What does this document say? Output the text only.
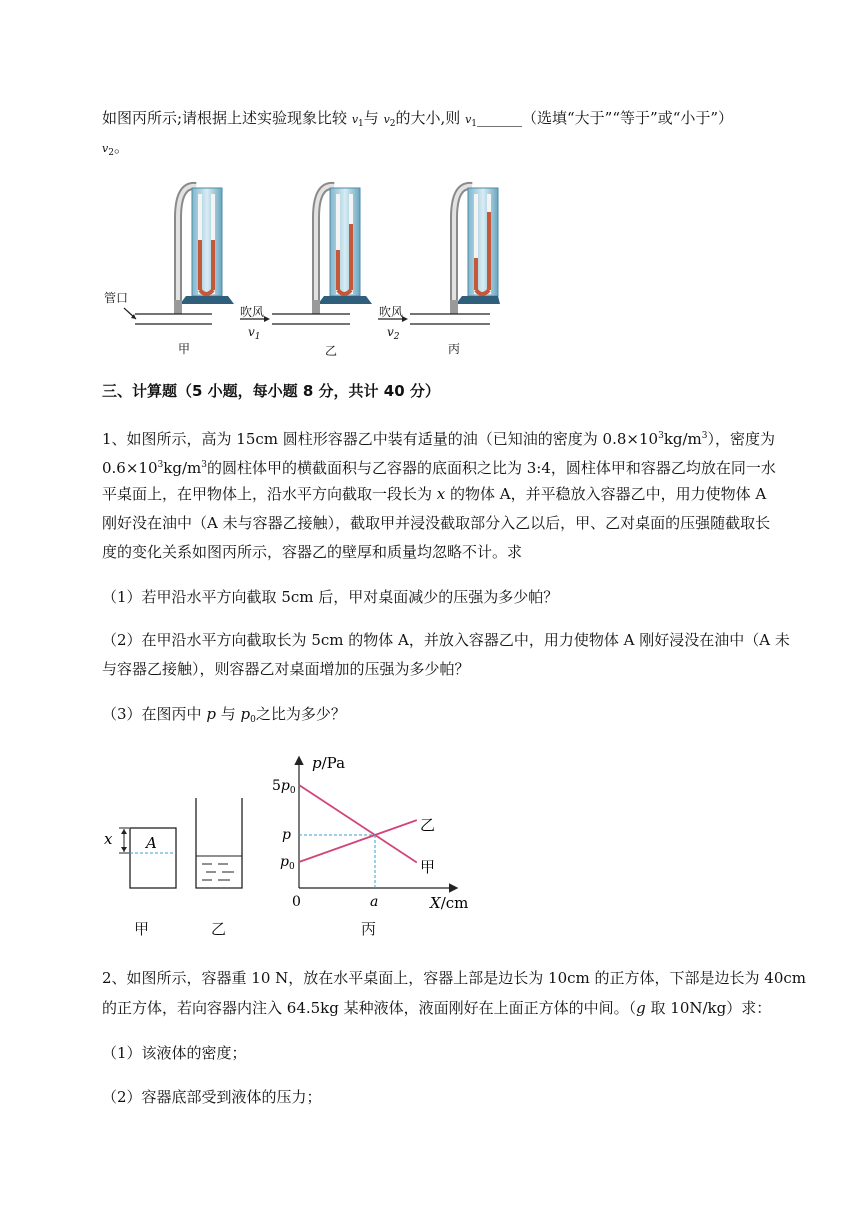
如图丙所示;请根据上述实验现象比较 $v_1$与 $v_2$的大小,则 $v_1\_\_\_\_\_\_$（选填“大于”“等于”或“小于”）
$v_2$。
管口
吹风	吹风
$v_1$	$v_2$
甲	乙	丙
三、计算题（5 小题，每小题 8 分，共计 40 分）
1、如图所示，高为 15cm 圆柱形容器乙中装有适量的油（已知油的密度为 $0.8\times 10^3kg/m^3$），密度为
$0.6\times 10^3kg/m^3$的圆柱体甲的横截面积与乙容器的底面积之比为 3:4，圆柱体甲和容器乙均放在同一水
平桌面上，在甲物体上，沿水平方向截取一段长为 x 的物体 A，并平稳放入容器乙中，用力使物体 A
刚好没在油中（A 未与容器乙接触），截取甲并浸没截取部分入乙以后，甲、乙对桌面的压强随截取长
度的变化关系如图丙所示，容器乙的壁厚和质量均忽略不计。求
（1）若甲沿水平方向截取 5cm 后，甲对桌面减少的压强为多少帕？
（2）在甲沿水平方向截取长为 5cm 的物体 A，并放入容器乙中，用力使物体 A 刚好浸没在油中（A 未
与容器乙接触），则容器乙对桌面增加的压强为多少帕？
（3）在图丙中 p 与 $p_0$之比为多少？
x A
甲	乙	丙
p/Pa
X/cm
$5p_0$
p
$p_0$
0	a
乙
甲
2、如图所示，容器重 10 N，放在水平桌面上，容器上部是边长为 10cm 的正方体，下部是边长为 40cm
的正方体，若向容器内注入 64.5kg 某种液体，液面刚好在上面正方体的中间。（g 取 10N/kg）求：
（1）该液体的密度；
（2）容器底部受到液体的压力；
